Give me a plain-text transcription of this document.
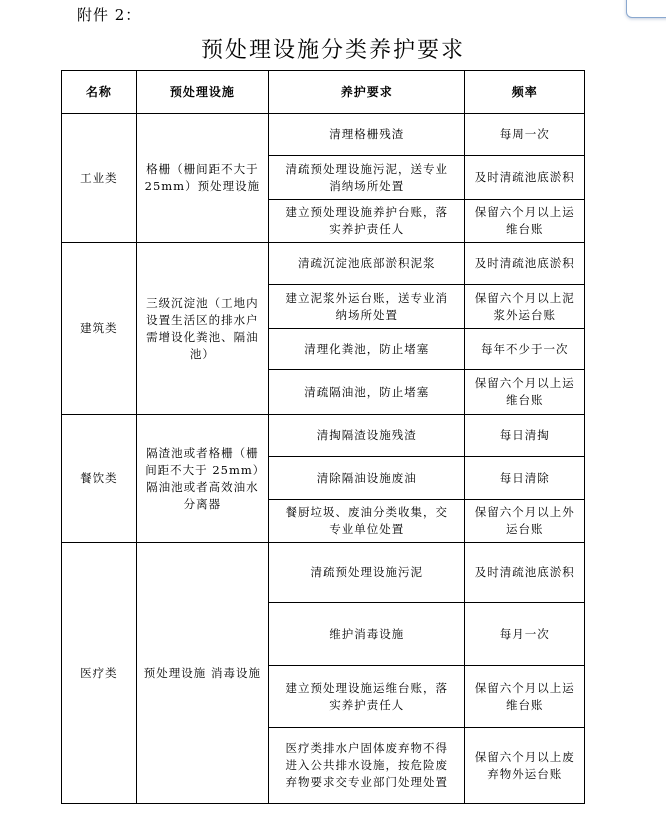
附件 2：
预处理设施分类养护要求
名称	预处理设施	养护要求	频率
工业类	格栅（栅间距不大于 25mm）预处理设施	清理格栅残渣	每周一次
		清疏预处理设施污泥，送专业消纳场所处置	及时清疏池底淤积
		建立预处理设施养护台账，落实养护责任人	保留六个月以上运维台账
建筑类	三级沉淀池（工地内设置生活区的排水户需增设化粪池、隔油池）	清疏沉淀池底部淤积泥浆	及时清疏池底淤积
		建立泥浆外运台账，送专业消纳场所处置	保留六个月以上泥浆外运台账
		清理化粪池，防止堵塞	每年不少于一次
		清疏隔油池，防止堵塞	保留六个月以上运维台账
餐饮类	隔渣池或者格栅（栅间距不大于 25mm）隔油池或者高效油水分离器	清掏隔渣设施残渣	每日清掏
		清除隔油设施废油	每日清除
		餐厨垃圾、废油分类收集，交专业单位处置	保留六个月以上外运台账
医疗类	预处理设施 消毒设施	清疏预处理设施污泥	及时清疏池底淤积
		维护消毒设施	每月一次
		建立预处理设施运维台账，落实养护责任人	保留六个月以上运维台账
		医疗类排水户固体废弃物不得进入公共排水设施，按危险废弃物要求交专业部门处理处置	保留六个月以上废弃物外运台账
